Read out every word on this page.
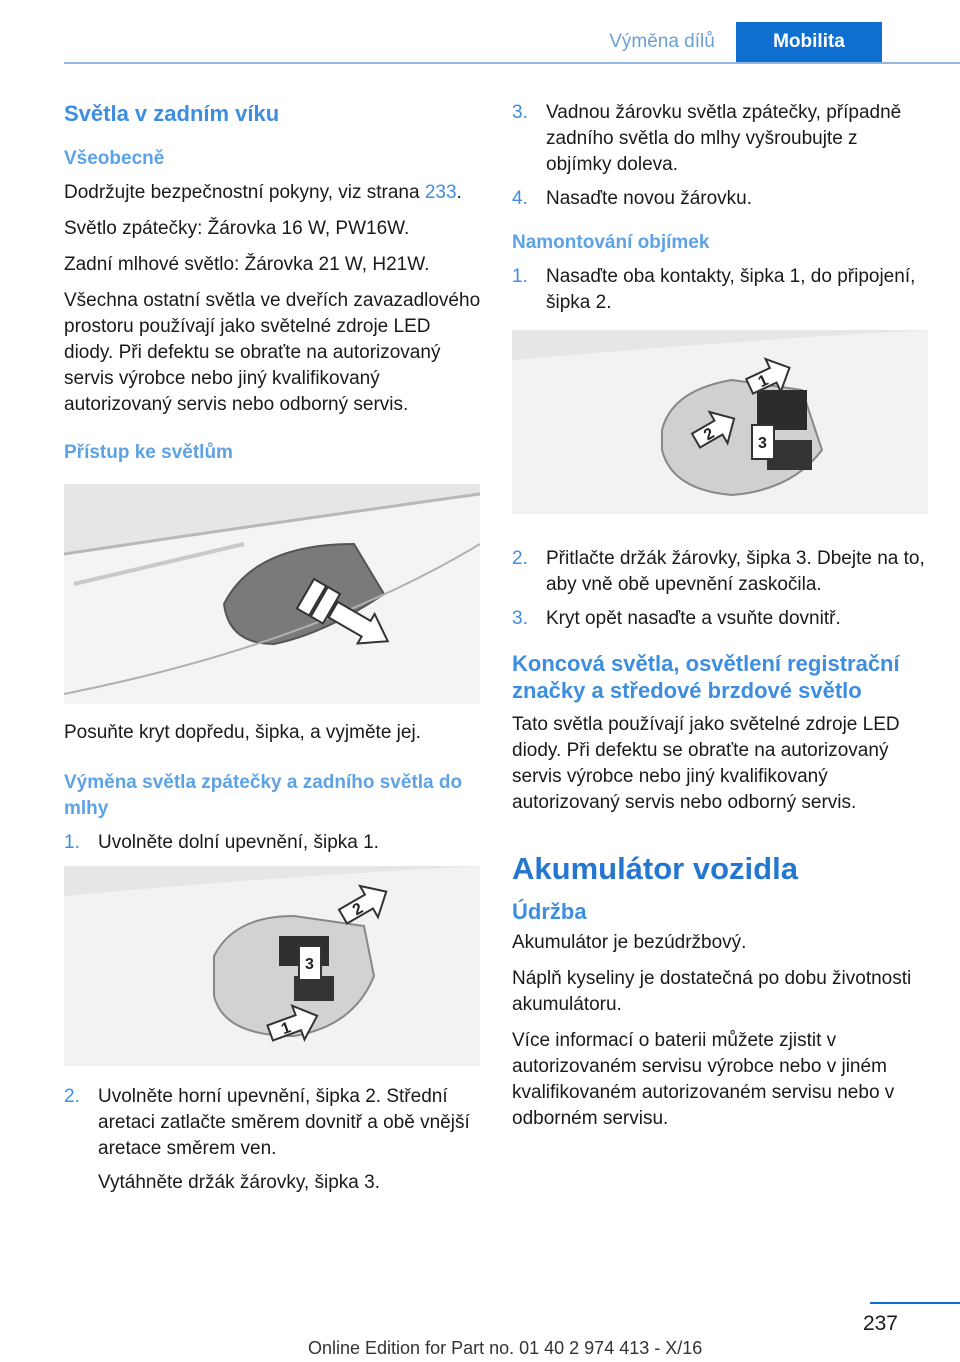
Výměna dílů	Mobilita
Světla v zadním víku
Všeobecně

Dodržujte bezpečnostní pokyny, viz strana 233.

Světlo zpátečky: Žárovka 16 W, PW16W.

Zadní mlhové světlo: Žárovka 21 W, H21W.

Všechna ostatní světla ve dveřích zavazadlového prostoru používají jako světelné zdroje LED diody. Při defektu se obraťte na autorizovaný servis výrobce nebo jiný kvalifikovaný autorizovaný servis nebo odborný servis.

Přístup ke světlům

Posuňte kryt dopředu, šipka, a vyjměte jej.

Výměna světla zpátečky a zadního světla do mlhy
1. Uvolněte dolní upevnění, šipka 1.
1
2
3
2. Uvolněte horní upevnění, šipka 2. Střední aretaci zatlačte směrem dovnitř a obě vnější aretace směrem ven.

Vytáhněte držák žárovky, šipka 3.

3. Vadnou žárovku světla zpátečky, případně zadního světla do mlhy vyšroubujte z objímky doleva.
4. Nasaďte novou žárovku.
Namontování objímek
1. Nasaďte oba kontakty, šipka 1, do připojení, šipka 2.
1
2	3
2. Přitlačte držák žárovky, šipka 3. Dbejte na to, aby vně obě upevnění zaskočila.
3. Kryt opět nasaďte a vsuňte dovnitř.
Koncová světla, osvětlení registrační značky a středové brzdové světlo

Tato světla používají jako světelné zdroje LED diody. Při defektu se obraťte na autorizovaný servis výrobce nebo jiný kvalifikovaný autorizovaný servis nebo odborný servis.

Akumulátor vozidla
Údržba

Akumulátor je bezúdržbový.

Náplň kyseliny je dostatečná po dobu životnosti akumulátoru.

Více informací o baterii můžete zjistit v autorizovaném servisu výrobce nebo v jiném kvalifikovaném autorizovaném servisu nebo v odborném servisu.

237
Online Edition for Part no. 01 40 2 974 413 - X/16
